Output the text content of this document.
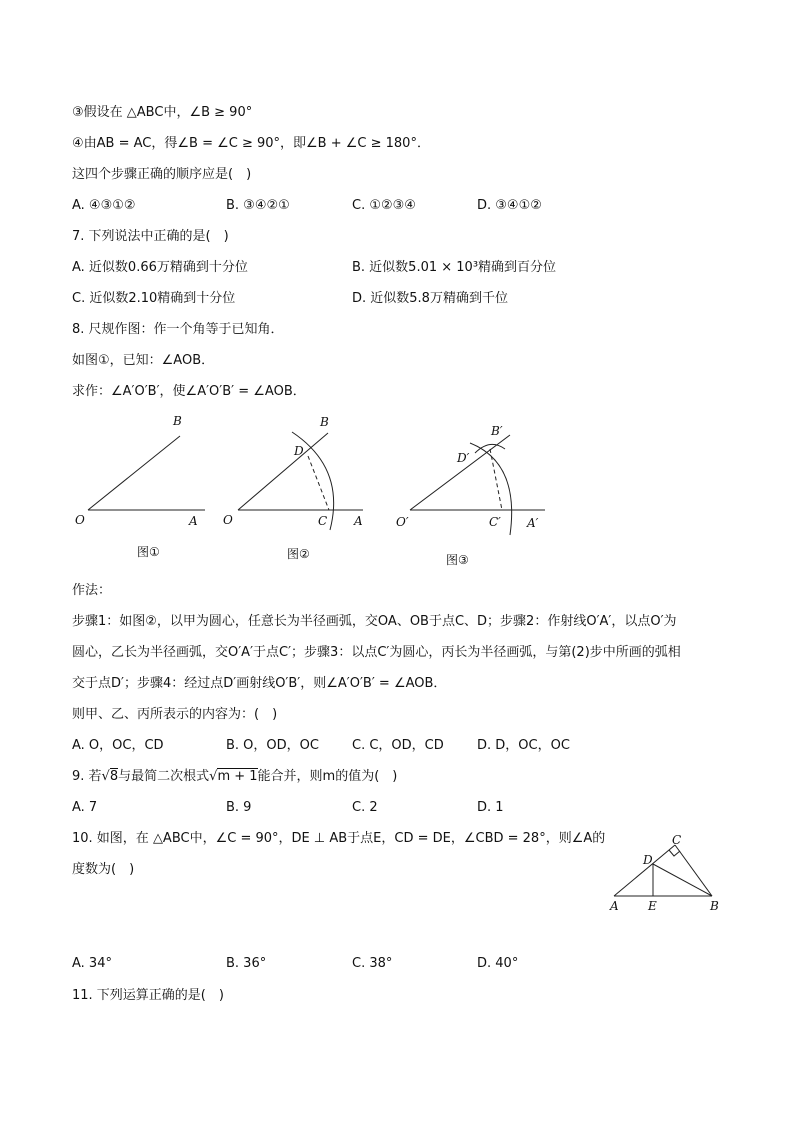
③假设在 △ABC中，∠B ≥ 90°
④由AB = AC，得∠B = ∠C ≥ 90°，即∠B + ∠C ≥ 180°．
这四个步骤正确的顺序应是(　)
A. ④③①②	B. ③④②①	C. ①②③④	D. ③④①②
7. 下列说法中正确的是(　)
A. 近似数0.66万精确到十分位	B. 近似数5.01 × 10³精确到百分位
C. 近似数2.10精确到十分位	D. 近似数5.8万精确到千位
8. 尺规作图：作一个角等于已知角．
如图①，已知：∠AOB．
求作：∠A′O′B′，使∠A′O′B′ = ∠AOB．
B
O	A
图①
B
D
O	C A
图②
B′
D′
O′	C′ A′
图③
作法：
步骤1：如图②，以甲为圆心，任意长为半径画弧，交OA、OB于点C、D；步骤2：作射线O′A′，以点O′为
圆心，乙长为半径画弧，交O′A′于点C′；步骤3：以点C′为圆心，丙长为半径画弧，与第(2)步中所画的弧相
交于点D′；步骤4：经过点D′画射线O′B′，则∠A′O′B′ = ∠AOB．
则甲、乙、丙所表示的内容为：(　)
A. O，OC，CD	B. O，OD，OC	C. C，OD，CD	D. D，OC，OC
9. 若√8与最简二次根式√m + 1能合并，则m的值为(　)
A. 7	B. 9	C. 2	D. 1
10. 如图，在 △ABC中，∠C = 90°，DE ⊥ AB于点E，CD = DE，∠CBD = 28°，则∠A的
度数为(　)
C
D
A E	B
A. 34°	B. 36°	C. 38°	D. 40°
11. 下列运算正确的是(　)
